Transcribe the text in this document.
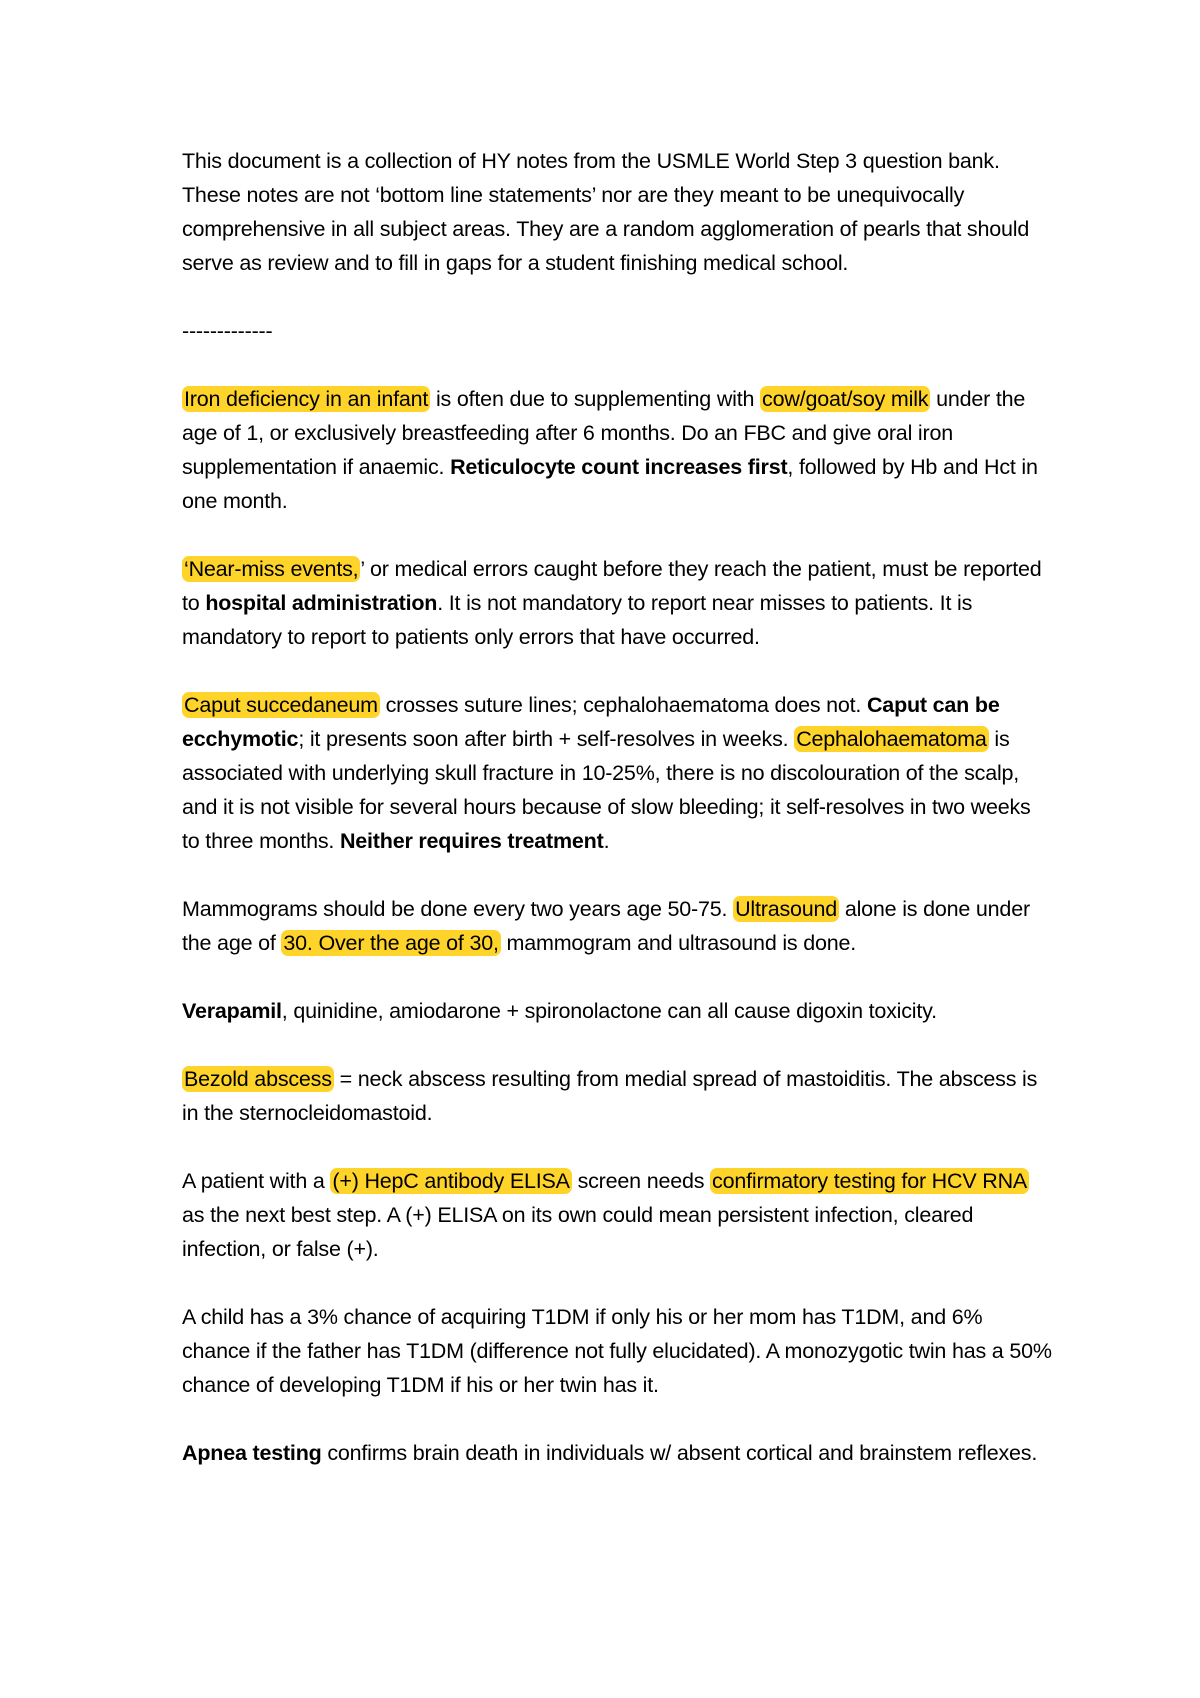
This document is a collection of HY notes from the USMLE World Step 3 question bank. These notes are not ‘bottom line statements’ nor are they meant to be unequivocally comprehensive in all subject areas. They are a random agglomeration of pearls that should serve as review and to fill in gaps for a student finishing medical school.

-------------

Iron deficiency in an infant is often due to supplementing with cow/goat/soy milk under the age of 1, or exclusively breastfeeding after 6 months. Do an FBC and give oral iron supplementation if anaemic. Reticulocyte count increases first, followed by Hb and Hct in one month.

‘Near-miss events,’ or medical errors caught before they reach the patient, must be reported to hospital administration. It is not mandatory to report near misses to patients. It is mandatory to report to patients only errors that have occurred.

Caput succedaneum crosses suture lines; cephalohaematoma does not. Caput can be ecchymotic; it presents soon after birth + self-resolves in weeks. Cephalohaematoma is associated with underlying skull fracture in 10-25%, there is no discolouration of the scalp, and it is not visible for several hours because of slow bleeding; it self-resolves in two weeks to three months. Neither requires treatment.

Mammograms should be done every two years age 50-75. Ultrasound alone is done under the age of 30. Over the age of 30, mammogram and ultrasound is done.

Verapamil, quinidine, amiodarone + spironolactone can all cause digoxin toxicity.

Bezold abscess = neck abscess resulting from medial spread of mastoiditis. The abscess is in the sternocleidomastoid.

A patient with a (+) HepC antibody ELISA screen needs confirmatory testing for HCV RNA as the next best step. A (+) ELISA on its own could mean persistent infection, cleared infection, or false (+).

A child has a 3% chance of acquiring T1DM if only his or her mom has T1DM, and 6% chance if the father has T1DM (difference not fully elucidated). A monozygotic twin has a 50% chance of developing T1DM if his or her twin has it.

Apnea testing confirms brain death in individuals w/ absent cortical and brainstem reflexes.
